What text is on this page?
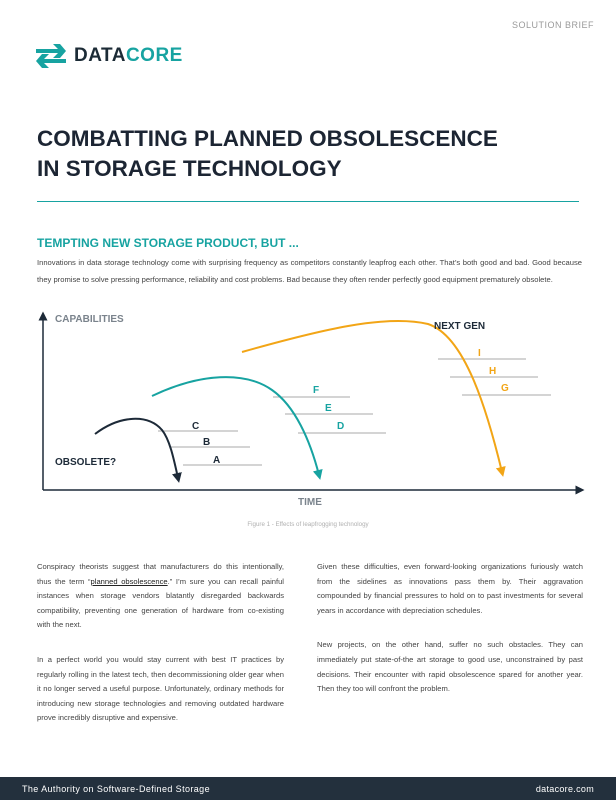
SOLUTION BRIEF
DATACORE
COMBATTING PLANNED OBSOLESCENCE
IN STORAGE TECHNOLOGY
TEMPTING NEW STORAGE PRODUCT, BUT ...
Innovations in data storage technology come with surprising frequency as competitors constantly leapfrog each other. That’s both good and bad. Good because they promise to solve pressing performance, reliability and cost problems. Bad because they often render perfectly good equipment prematurely obsolete.
CAPABILITIES
TIME
OBSOLETE?
NEXT GEN
C
B
A
F
E
D
I
H
G
Figure 1 - Effects of leapfrogging technology

Conspiracy theorists suggest that manufacturers do this intentionally, thus the term “planned obsolescence.” I’m sure you can recall painful instances when storage vendors blatantly disregarded backwards compatibility, preventing one generation of hardware from co-existing with the next.

In a perfect world you would stay current with best IT practices by regularly rolling in the latest tech, then decommissioning older gear when it no longer served a useful purpose. Unfortunately, ordinary methods for introducing new storage technologies and removing outdated hardware prove incredibly disruptive and expensive.

Given these difficulties, even forward-looking organizations furiously watch from the sidelines as innovations pass them by. Their aggravation compounded by financial pressures to hold on to past investments for several years in accordance with depreciation schedules.

New projects, on the other hand, suffer no such obstacles. They can immediately put state-of-the art storage to good use, unconstrained by past decisions. Their encounter with rapid obsolescence spared for another year. Then they too will confront the problem.

The Authority on Software-Defined Storage	datacore.com
